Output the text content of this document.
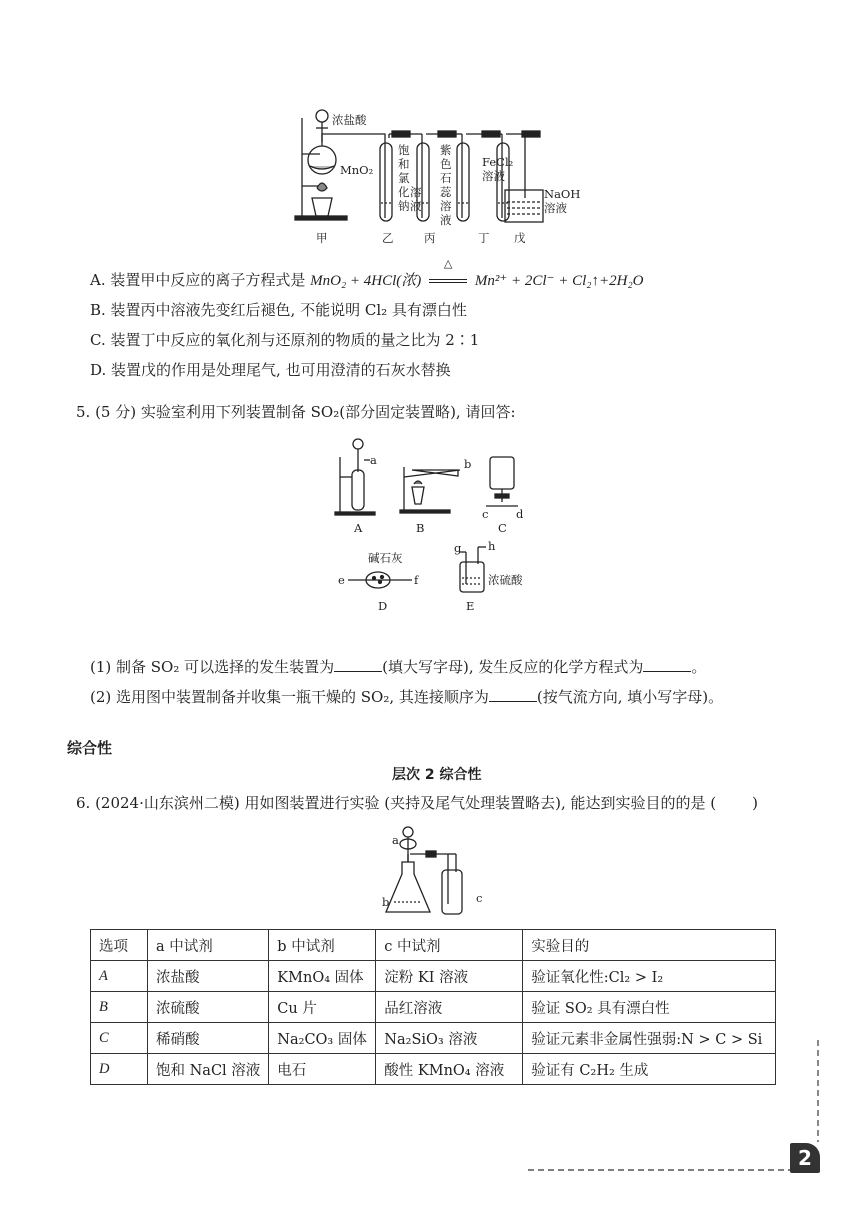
浓盐酸
MnO₂
饱
和
氯
化
钠
溶
液
紫
色
石
蕊
溶
液
FeCl₂
溶液
NaOH
溶液
甲	乙	丙	丁 戊
A. 装置甲中反应的离子方程式是 MnO₂ + 4HCl(浓)
△
Mn²⁺ + 2Cl⁻ + Cl₂↑+2H₂O
B. 装置丙中溶液先变红后褪色, 不能说明 Cl₂ 具有漂白性
C. 装置丁中反应的氧化剂与还原剂的物质的量之比为 2∶1
D. 装置戊的作用是处理尾气, 也可用澄清的石灰水替换
5. (5 分) 实验室利用下列装置制备 SO₂(部分固定装置略), 请回答:
a	b
c d
A	B	C
碱石灰
e	f
g h
浓硫酸
D	E
(1) 制备 SO₂ 可以选择的发生装置为	(填大写字母), 发生反应的化学方程式为	。
(2) 选用图中装置制备并收集一瓶干燥的 SO₂, 其连接顺序为	(按气流方向, 填小写字母)。
综合性
层次 2 综合性
6. (2024·山东滨州二模) 用如图装置进行实验 (夹持及尾气处理装置略去), 能达到实验目的的是 ( )
a
b	c
选项	a 中试剂	b 中试剂	c 中试剂	实验目的
A	浓盐酸	KMnO₄ 固体	淀粉 KI 溶液	验证氧化性:Cl₂ > I₂
B	浓硫酸	Cu 片	品红溶液	验证 SO₂ 具有漂白性
C	稀硝酸	Na₂CO₃ 固体	Na₂SiO₃ 溶液	验证元素非金属性强弱:N > C > Si
D	饱和 NaCl 溶液	电石	酸性 KMnO₄ 溶液	验证有 C₂H₂ 生成
2
